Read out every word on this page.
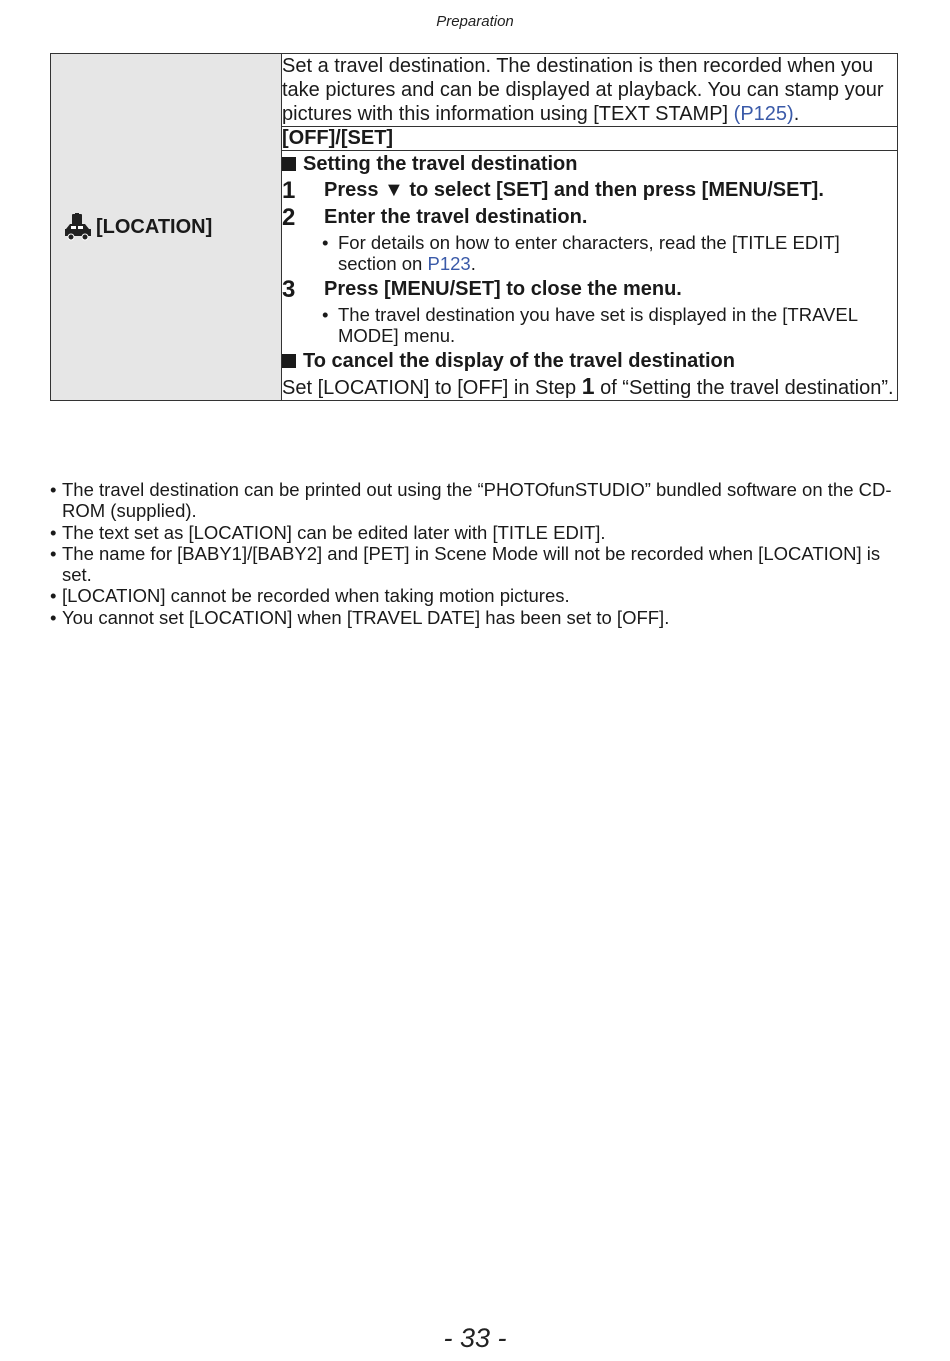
Preparation
[LOCATION]
	Set a travel destination. The destination is then recorded when you take pictures and can be displayed at playback. You can stamp your pictures with this information using [TEXT STAMP] (P125).
[OFF]/[SET]

Setting the travel destination
1	Press ▼ to select [SET] and then press [MENU/SET].
2	Enter the travel destination.
• For details on how to enter characters, read the [TITLE EDIT] section on P123.
3	Press [MENU/SET] to close the menu.
• The travel destination you have set is displayed in the [TRAVEL MODE] menu.
To cancel the display of the travel destination
Set [LOCATION] to [OFF] in Step 1 of “Setting the travel destination”.
• The travel destination can be printed out using the “PHOTOfunSTUDIO” bundled software on the CD-ROM (supplied).
• The text set as [LOCATION] can be edited later with [TITLE EDIT].
• The name for [BABY1]/[BABY2] and [PET] in Scene Mode will not be recorded when [LOCATION] is set.
• [LOCATION] cannot be recorded when taking motion pictures.
• You cannot set [LOCATION] when [TRAVEL DATE] has been set to [OFF].
- 33 -
